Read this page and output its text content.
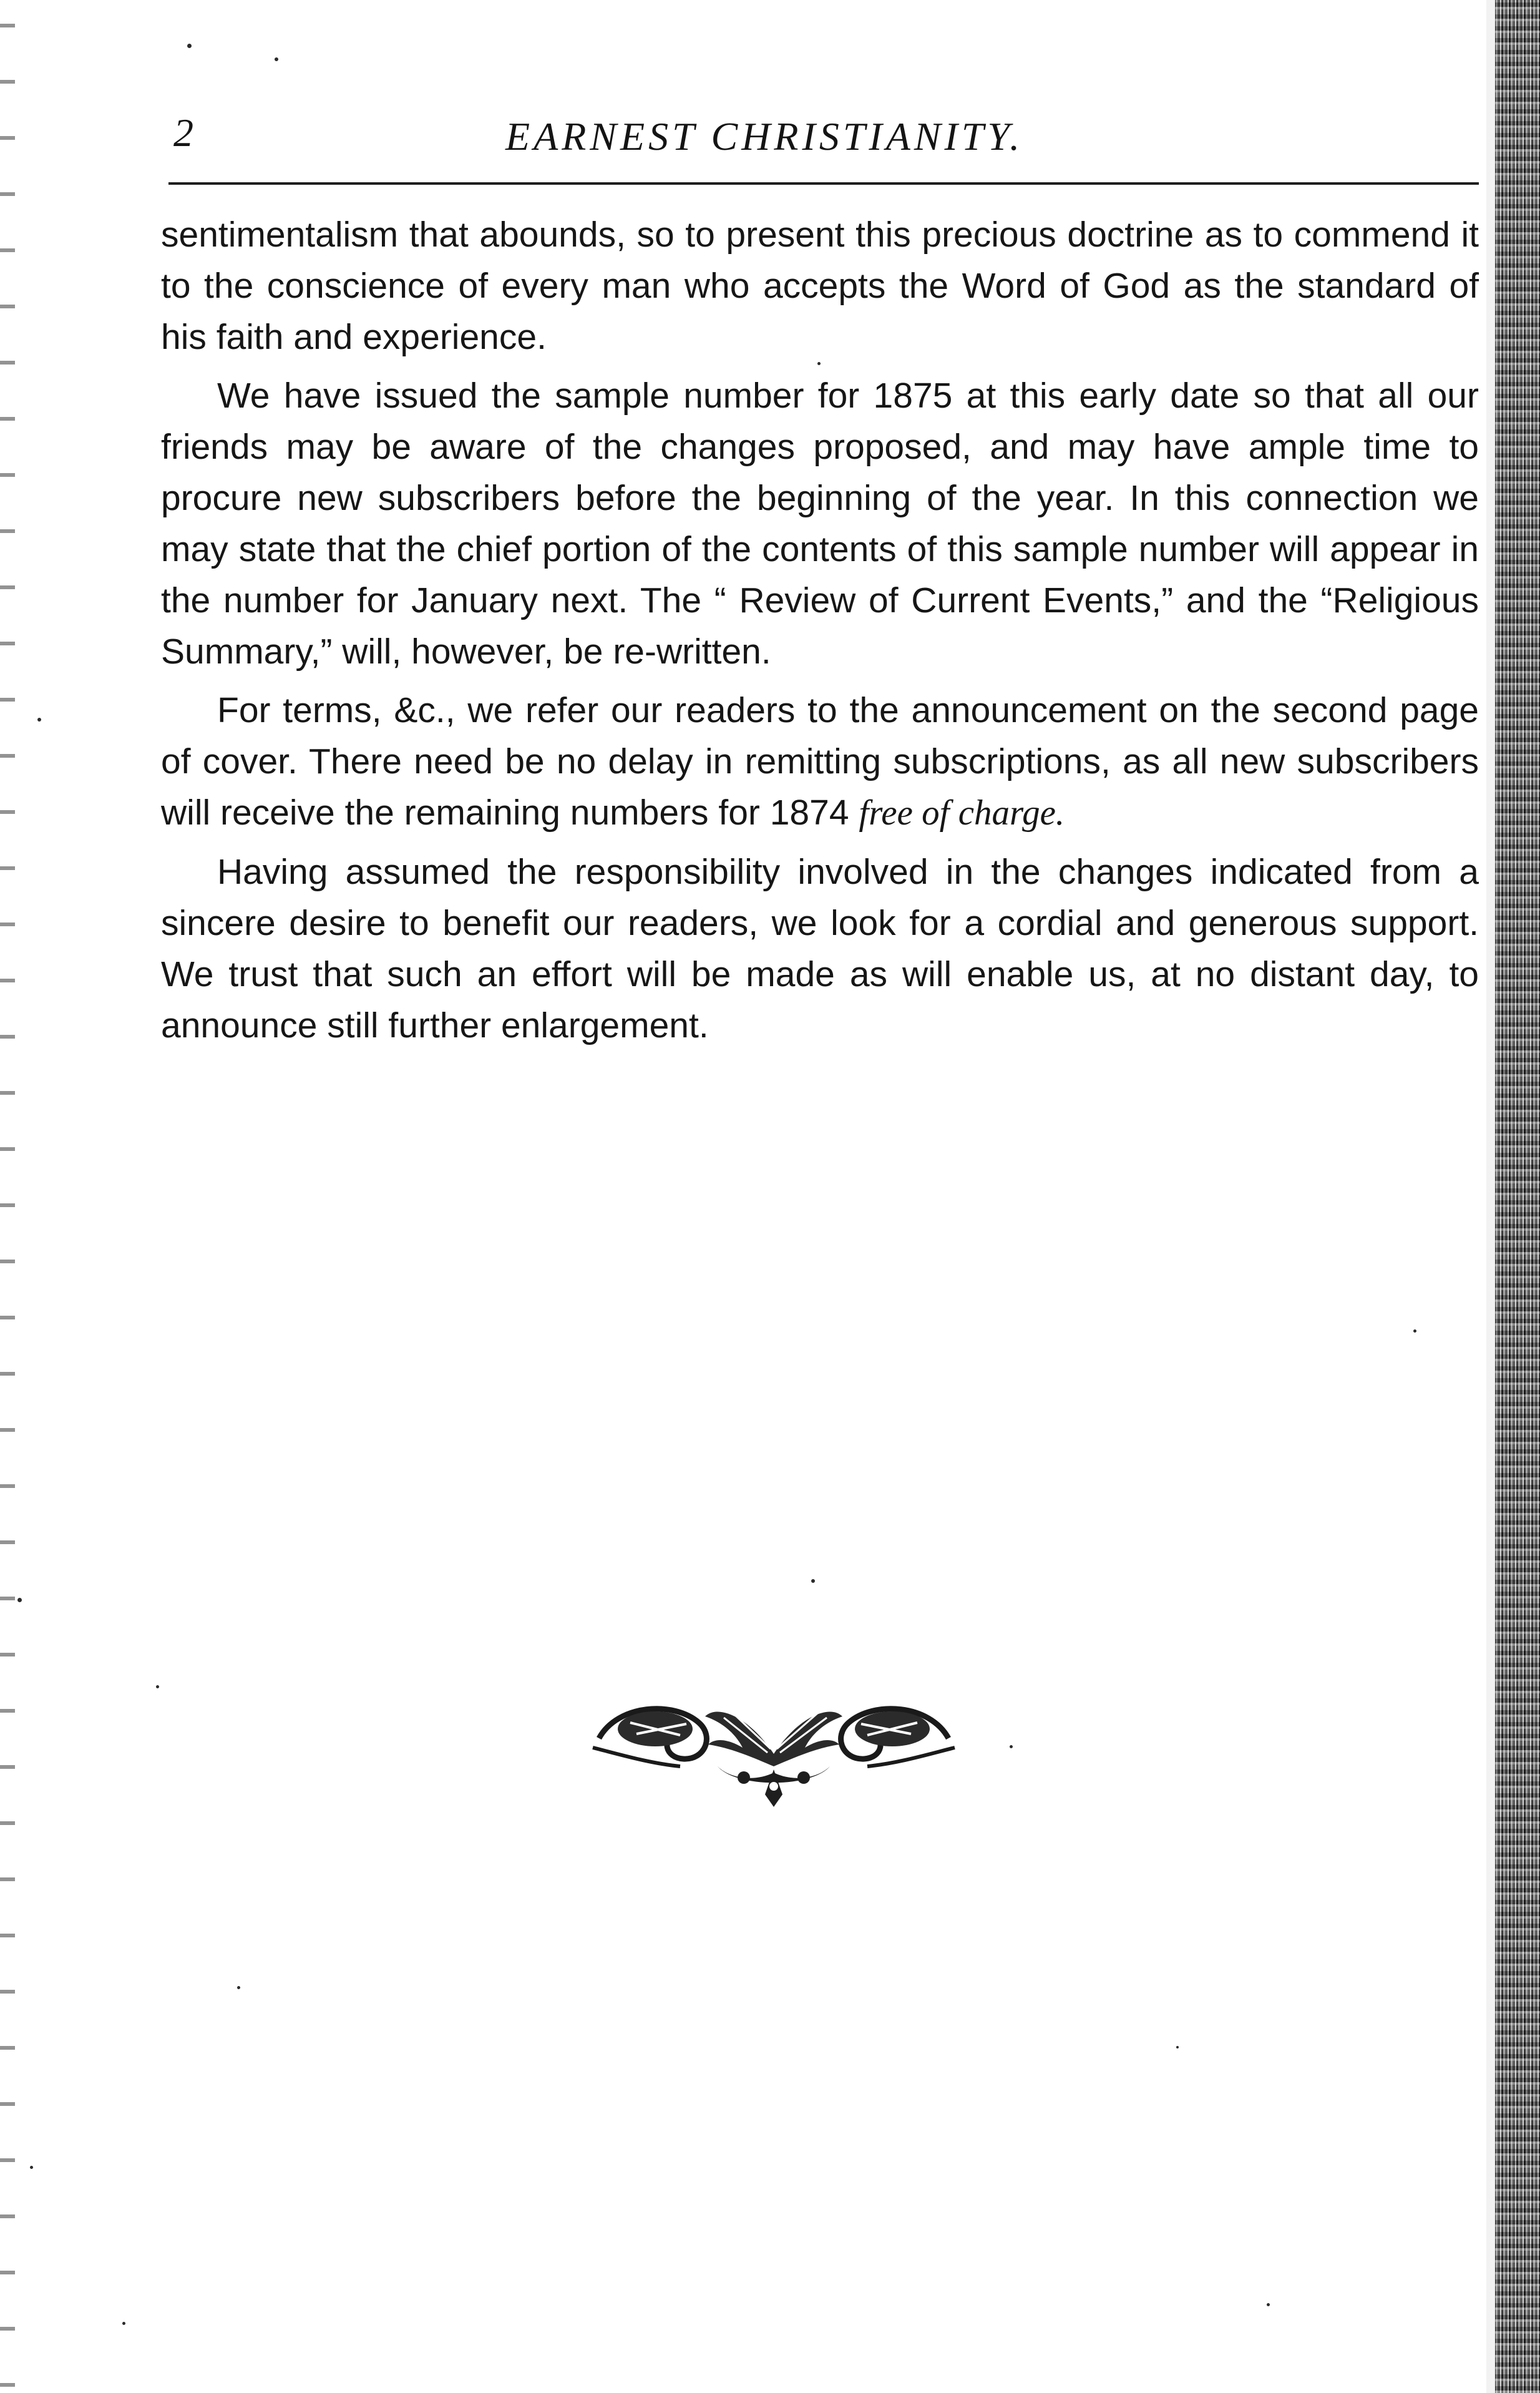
2	EARNEST CHRISTIANITY.

sentimentalism that abounds, so to present this precious doctrine as to commend it to the conscience of every man who accepts the Word of God as the standard of his faith and experience.

We have issued the sample number for 1875 at this early date so that all our friends may be aware of the changes proposed, and may have ample time to procure new subscribers before the beginning of the year. In this connection we may state that the chief portion of the contents of this sample number will appear in the number for January next. The “ Review of Current Events,” and the “Religious Summary,” will, however, be re-written.

For terms, &c., we refer our readers to the announcement on the second page of cover. There need be no delay in remitting subscriptions, as all new subscribers will receive the remaining numbers for 1874 free of charge.

Having assumed the responsibility involved in the changes indicated from a sincere desire to benefit our readers, we look for a cordial and generous support. We trust that such an effort will be made as will enable us, at no distant day, to announce still further enlargement.
